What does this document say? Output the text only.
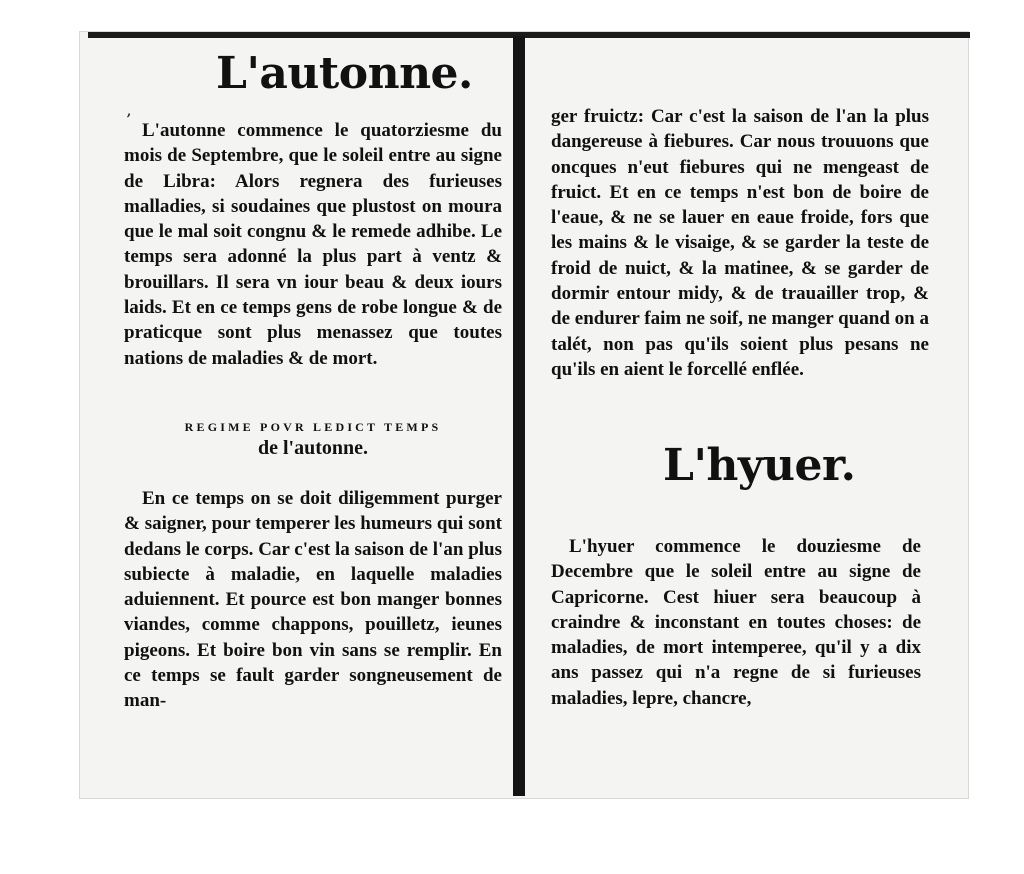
L'autonne.
ʼ L'autonne commence le quatorziesme du mois de Septembre, que le soleil entre au signe de Libra: Alors regnera des furieuses malladies, si soudaines que plustost on moura que le mal soit congnu & le remede adhibe. Le temps sera adonné la plus part à ventz & brouillars. Il sera vn iour beau & deux iours laids. Et en ce temps gens de robe longue & de praticque sont plus menassez que toutes nations de maladies & de mort.

REGIME POVR LEDICT TEMPS
de l'autonne.

En ce temps on se doit diligemment purger & saigner, pour temperer les humeurs qui sont dedans le corps. Car c'est la saison de l'an plus subiecte à maladie, en laquelle maladies aduiennent. Et pource est bon manger bonnes viandes, comme chappons, pouilletz, ieunes pigeons. Et boire bon vin sans se remplir. En ce temps se fault garder songneusement de man-

ger fruictz: Car c'est la saison de l'an la plus dangereuse à fiebures. Car nous trouuons que oncques n'eut fiebures qui ne mengeast de fruict. Et en ce temps n'est bon de boire de l'eaue, & ne se lauer en eaue froide, fors que les mains & le visaige, & se garder la teste de froid de nuict, & la matinee, & se garder de dormir entour midy, & de trauailler trop, & de endurer faim ne soif, ne manger quand on a talét, non pas qu'ils soient plus pesans ne qu'ils en aient le forcellé enflée.

L'hyuer.

L'hyuer commence le douziesme de Decembre que le soleil entre au signe de Capricorne. Cest hiuer sera beaucoup à craindre & inconstant en toutes choses: de maladies, de mort intemperee, qu'il y a dix ans passez qui n'a regne de si furieuses maladies, lepre, chancre,
